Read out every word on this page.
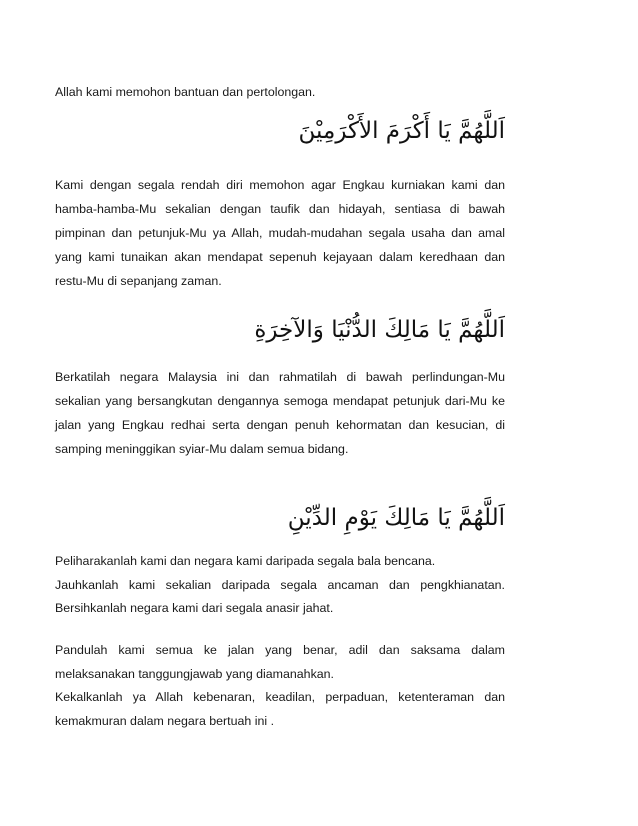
Allah kami memohon bantuan dan pertolongan.
اَللَّهُمَّ يَا أَكْرَمَ الأَكْرَمِيْنَ
Kami dengan segala rendah diri memohon agar Engkau kurniakan kami dan
hamba-hamba-Mu sekalian dengan taufik dan hidayah, sentiasa di bawah
pimpinan dan petunjuk-Mu ya Allah, mudah-mudahan segala usaha dan amal
yang kami tunaikan akan mendapat sepenuh kejayaan dalam keredhaan dan
restu-Mu di sepanjang zaman.
اَللَّهُمَّ يَا مَالِكَ الدُّنْيَا وَالآخِرَةِ
Berkatilah negara Malaysia ini dan rahmatilah di bawah perlindungan-Mu
sekalian yang bersangkutan dengannya semoga mendapat petunjuk dari-Mu ke
jalan yang Engkau redhai serta dengan penuh kehormatan dan kesucian, di
samping meninggikan syiar-Mu dalam semua bidang.
اَللَّهُمَّ يَا مَالِكَ يَوْمِ الدِّيْنِ
Peliharakanlah kami dan negara kami daripada segala bala bencana.
Jauhkanlah kami sekalian daripada segala ancaman dan pengkhianatan.
Bersihkanlah negara kami dari segala anasir jahat.
Pandulah kami semua ke jalan yang benar, adil dan saksama dalam
melaksanakan tanggungjawab yang diamanahkan.
Kekalkanlah ya Allah kebenaran, keadilan, perpaduan, ketenteraman dan
kemakmuran dalam negara bertuah ini .
